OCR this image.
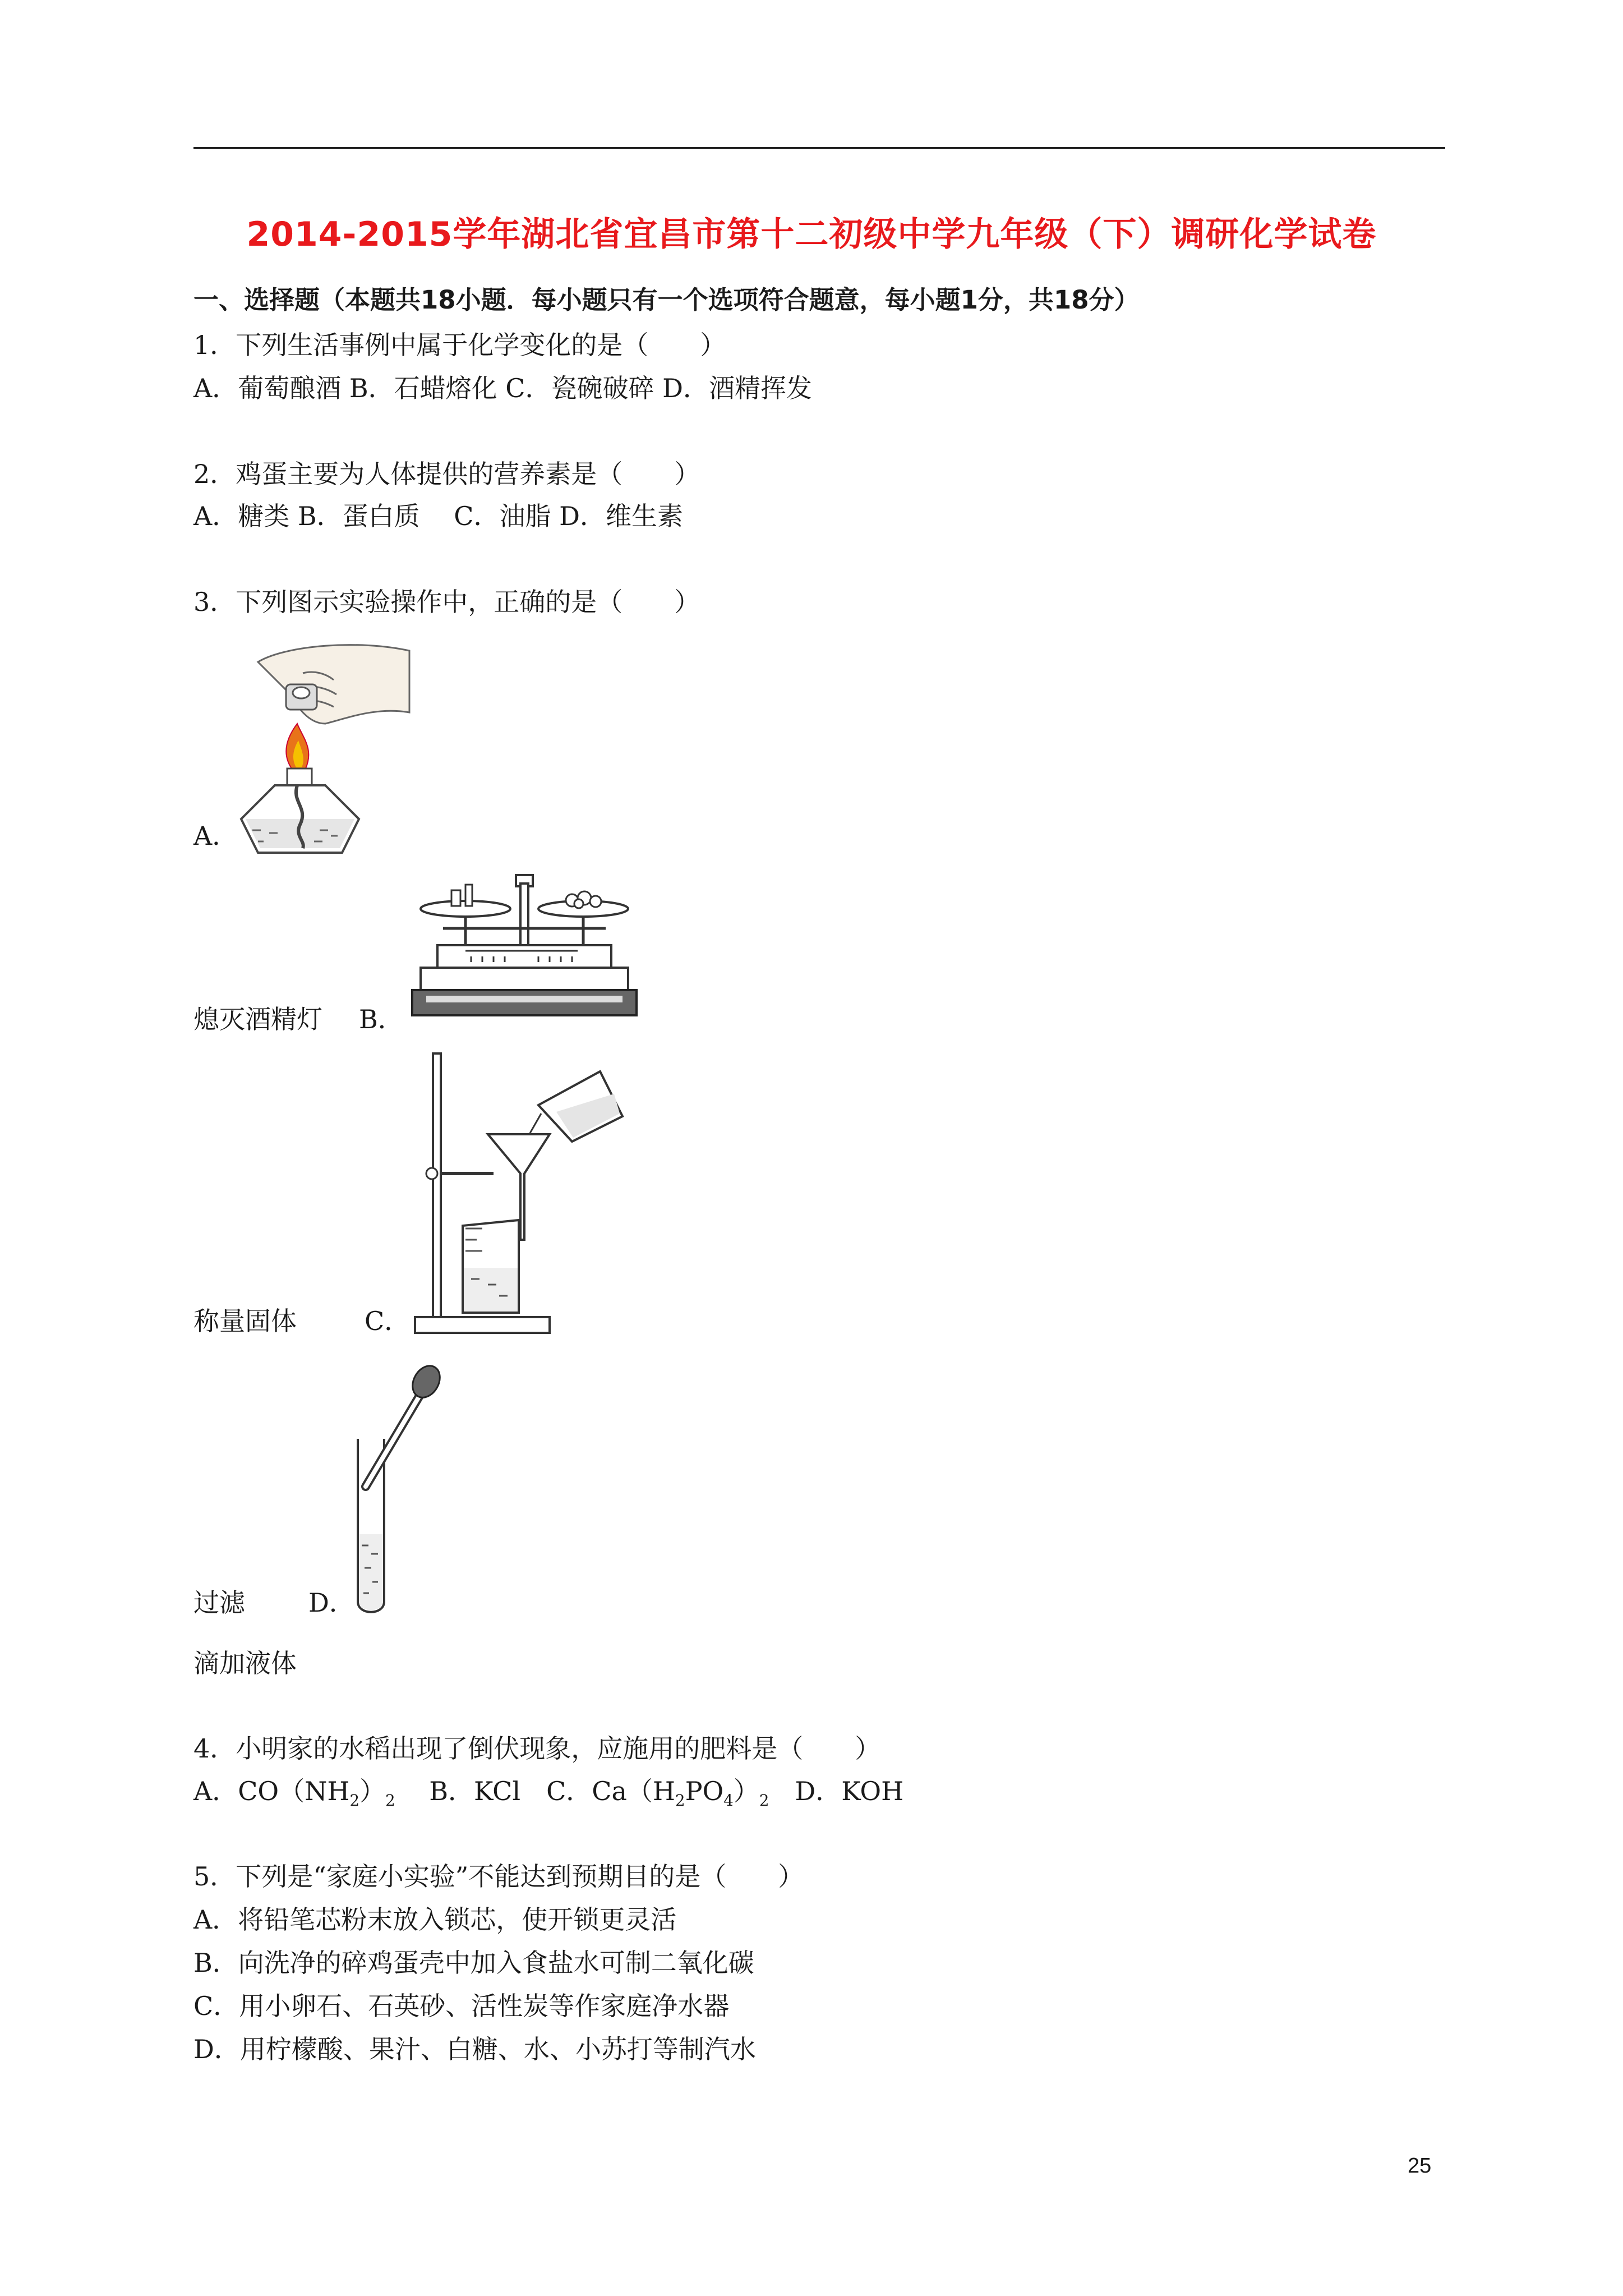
2014-2015学年湖北省宜昌市第十二初级中学九年级（下）调研化学试卷
一、选择题（本题共18小题．每小题只有一个选项符合题意，每小题1分，共18分）
1．下列生活事例中属于化学变化的是（　　）
A．葡萄酿酒 B．石蜡熔化 C．瓷碗破碎 D．酒精挥发
2．鸡蛋主要为人体提供的营养素是（　　）
A．糖类 B．蛋白质　 C．油脂 D．维生素
3．下列图示实验操作中，正确的是（　　）
A．
熄灭酒精灯 B．
称量固体	C．
过滤 D．
滴加液体
4．小明家的水稻出现了倒伏现象，应施用的肥料是（　　）
A．$CO(NH_2)_2$　 B．KCl　C．$Ca(H_2PO_4)_2$　D．KOH
5．下列是“家庭小实验”不能达到预期目的是（　　）
A．将铅笔芯粉末放入锁芯，使开锁更灵活
B．向洗净的碎鸡蛋壳中加入食盐水可制二氧化碳
C．用小卵石、石英砂、活性炭等作家庭净水器
D．用柠檬酸、果汁、白糖、水、小苏打等制汽水
25
